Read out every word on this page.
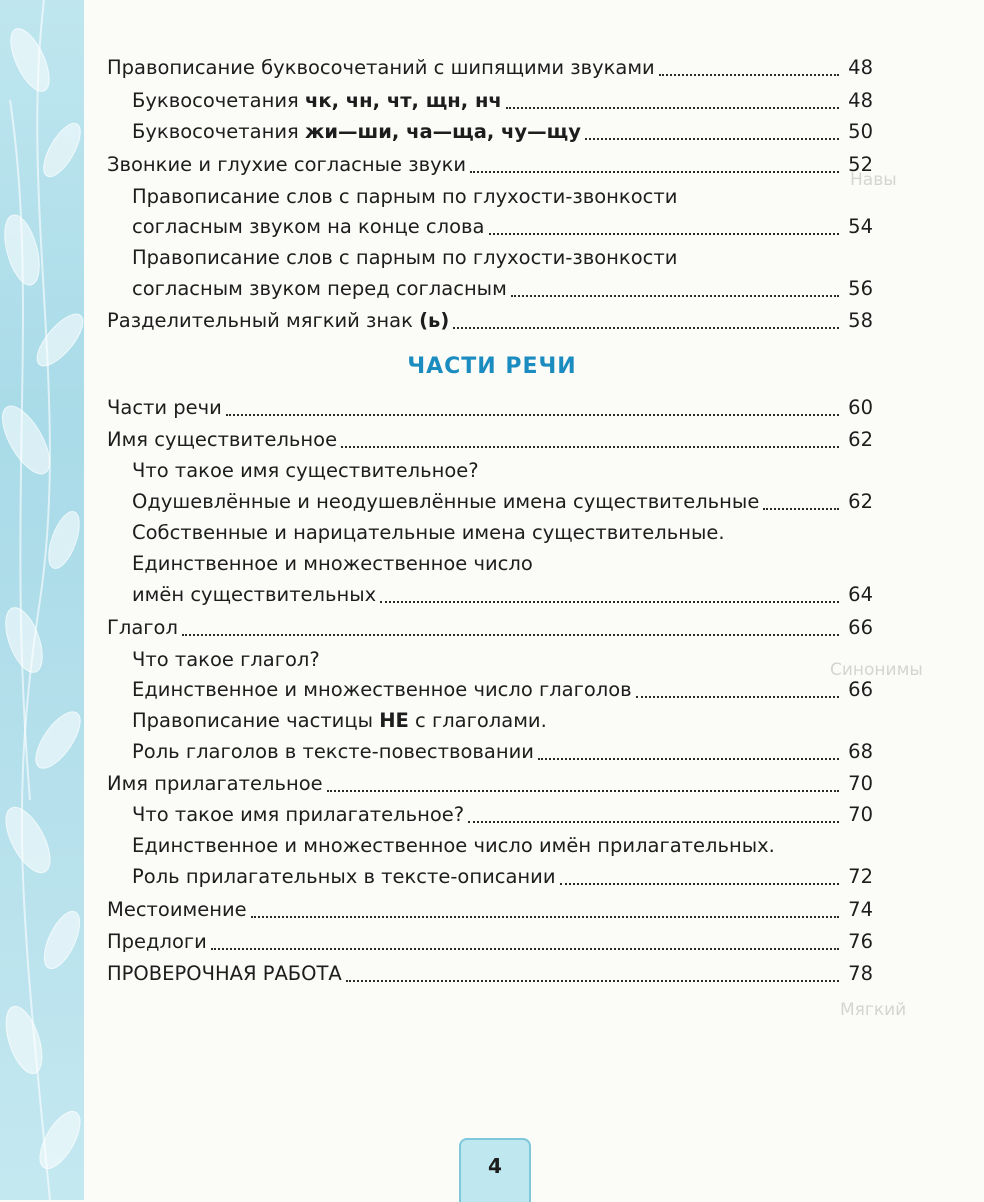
Навы
Синонимы
Мягкий
Правописание буквосочетаний с шипящими звуками	48
Буквосочетания чк, чн, чт, щн, нч	48
Буквосочетания жи—ши, ча—ща, чу—щу	50
Звонкие и глухие согласные звуки	52
Правописание слов с парным по глухости-звонкости
согласным звуком на конце слова	54
Правописание слов с парным по глухости-звонкости
согласным звуком перед согласным	56
Разделительный мягкий знак (ь)	58
ЧАСТИ РЕЧИ
Части речи	60
Имя существительное	62
Что такое имя существительное?
Одушевлённые и неодушевлённые имена существительные	62
Собственные и нарицательные имена существительные.
Единственное и множественное число
имён существительных	64
Глагол	66
Что такое глагол?
Единственное и множественное число глаголов	66
Правописание частицы НЕ с глаголами.
Роль глаголов в тексте-повествовании	68
Имя прилагательное	70
Что такое имя прилагательное?	70
Единственное и множественное число имён прилагательных.
Роль прилагательных в тексте-описании	72
Местоимение	74
Предлоги	76
ПРОВЕРОЧНАЯ РАБОТА	78
4
